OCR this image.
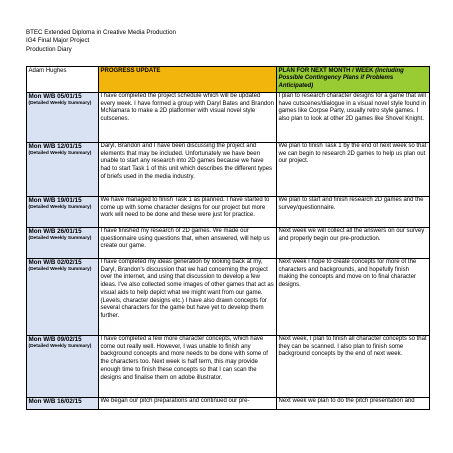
BTEC Extended Diploma in Creative Media Production
IG4 Final Major Project
Production Diary
Adam Hughes	PROGRESS UPDATE	PLAN FOR NEXT MONTH / WEEK (Including Possible Contingency Plans if Problems Anticipated)

Mon W/B 05/01/15
(Detailed Weekly Summary)	I have completed the project schedule which will be updated every week. I have formed a group with Daryl Bates and Brandon McNamara to make a 2D platformer with visual novel style cutscenes.	I plan to research character designs for a game that will have cutscenes/dialogue in a visual novel style found in games like Corpse Party, usually retro style games. I also plan to look at other 2D games like Shovel Knight.

Mon W/B 12/01/15
(Detailed Weekly Summary)	Daryl, Brandon and I have been discussing the project and elements that may be included. Unfortunately we have been unable to start any research into 2D games because we have had to start Task 1 of this unit which describes the different types of briefs used in the media industry.	We plan to finish Task 1 by the end of next week so that we can begin to research 2D games to help us plan out our project.

Mon W/B 19/01/15
(Detailed Weekly Summary)	We have managed to finish Task 1 as planned. I have started to come up with some character designs for our project but more work will need to be done and these were just for practice.	We plan to start and finish research 2D games and the survey/questionnaire.

Mon W/B 26/01/15
(Detailed Weekly Summary)	I have finished my research of 2D games. We made our questionnaire using questions that, when answered, will help us create our game.	Next week we will collect all the answers on our survey and properly begin our pre-production.

Mon W/B 02/02/15
(Detailed Weekly Summary)	I have completed my ideas generation by looking back at my, Daryl, Brandon's discussion that we had concerning the project over the internet, and using that discussion to develop a few ideas. I've also collected some images of other games that act as visual aids to help depict what we might want from our game. (Levels, character designs etc.) I have also drawn concepts for several characters for the game but have yet to develop them further.	Next week I hope to create concepts for more of the characters and backgrounds, and hopefully finish making the concepts and move on to final character designs.

Mon W/B 09/02/15
(Detailed Weekly Summary)	I have completed a few more character concepts, which have come out really well. However, I was unable to finish any background concepts and more needs to be done with some of the characters too. Next week is half term, this may provide enough time to finish these concepts so that I can scan the designs and finalise them on adobe illustrator.	Next week, I plan to finish all character concepts so that they can be scanned. I also plan to finish some background concepts by the end of next week.

Mon W/B 16/02/15	We began our pitch preparations and continued our pre-	Next week we plan to do the pitch presentation and
